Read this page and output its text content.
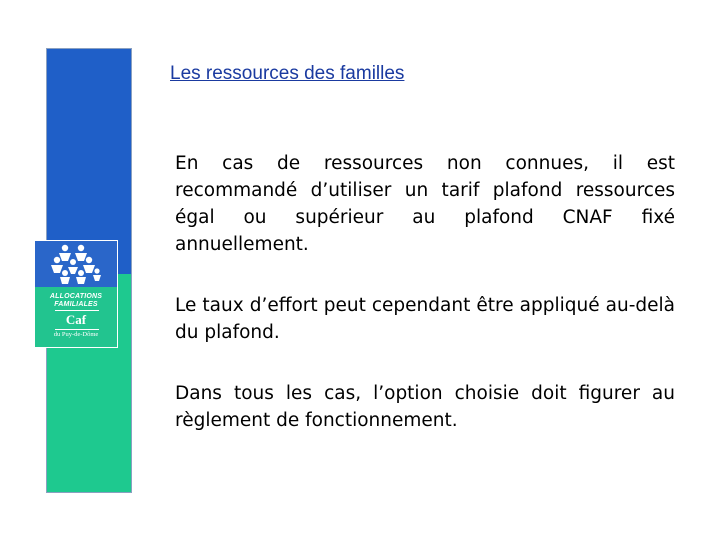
ALLOCATIONS
FAMILIALES
Caf
du Puy-de-Dôme
Les ressources des familles

En cas de ressources non connues, il est recommandé d’utiliser un tarif plafond ressources égal ou supérieur au plafond CNAF fixé annuellement.

Le taux d’effort peut cependant être appliqué au-delà du plafond.

Dans tous les cas, l’option choisie doit figurer au règlement de fonctionnement.
